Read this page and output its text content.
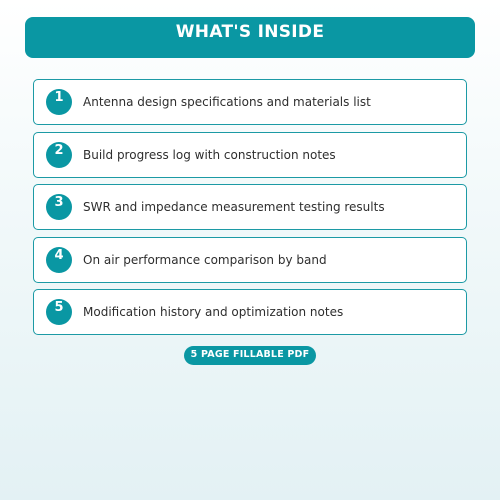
WHAT'S INSIDE
1	Antenna design specifications and materials list
2	Build progress log with construction notes
3	SWR and impedance measurement testing results
4	On air performance comparison by band
5	Modification history and optimization notes
5 PAGE FILLABLE PDF
